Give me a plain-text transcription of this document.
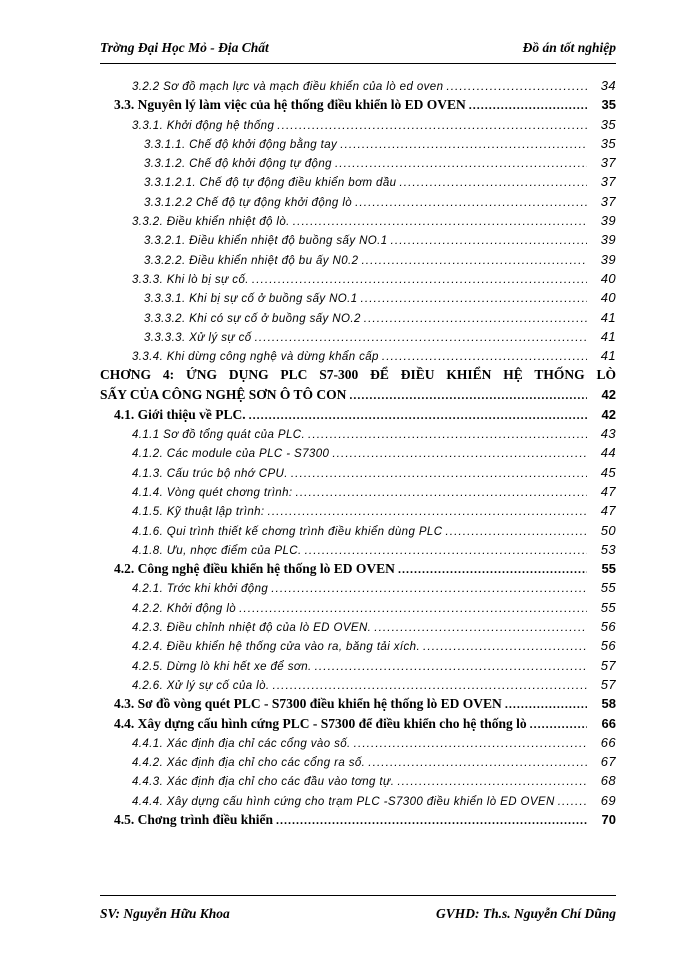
Trờng Đại Học Mỏ - Địa Chất	Đồ án tốt nghiệp
3.2.2 Sơ đồ mạch lực và mạch điều khiển của lò ed oven .....	34
3.3. Nguyên lý làm việc của hệ thống điều khiển lò ED OVEN .....	35
3.3.1. Khởi động hệ thống .....	35
3.3.1.1. Chế độ khởi động bằng tay .....	35
3.3.1.2. Chế độ khởi động tự động .....	37
3.3.1.2.1. Chế độ tự động điều khiển bơm dầu .....	37
3.3.1.2.2 Chế độ tự động khởi động lò .....	37
3.3.2. Điều khiển nhiệt độ lò. .....	39
3.3.2.1. Điều khiển nhiệt độ buồng sấy NO.1 .....	39
3.3.2.2. Điều khiển nhiệt độ bu ấy N0.2 .....	39
3.3.3. Khi lò bị sự cố. .....	40
3.3.3.1. Khi bị sự cố ở buồng sấy NO.1 .....	40
3.3.3.2. Khi có sự cố ở buồng sấy NO.2 .....	41
3.3.3.3. Xử lý sự cố .....	41
3.3.4. Khi dừng công nghệ và dừng khẩn cấp .....	41
CHƠNG 4: ỨNG DỤNG PLC S7-300 ĐỂ ĐIỀU KHIỂN HỆ THỐNG LÒ
SẤY CỦA CÔNG NGHỆ SƠN Ô TÔ CON .....	42
4.1. Giới thiệu về PLC. .....	42
4.1.1 Sơ đồ tổng quát của PLC. .....	43
4.1.2. Các module của PLC - S7300 .....	44
4.1.3. Cấu trúc bộ nhớ CPU. .....	45
4.1.4. Vòng quét chơng trình: .....	47
4.1.5. Kỹ thuật lập trình: .....	47
4.1.6. Qui trình thiết kế chơng trình điều khiển dùng PLC .....	50
4.1.8. Ưu, nhợc điểm của PLC. .....	53
4.2. Công nghệ điều khiển hệ thống lò ED OVEN .....	55
4.2.1. Trớc khi khởi động .....	55
4.2.2. Khởi động lò .....	55
4.2.3. Điều chỉnh nhiệt độ của lò ED OVEN. .....	56
4.2.4. Điều khiển hệ thống cửa vào ra, băng tải xích. .....	56
4.2.5. Dừng lò khi hết xe để sơn. .....	57
4.2.6. Xử lý sự cố của lò. .....	57
4.3. Sơ đồ vòng quét PLC - S7300 điều khiển hệ thống lò ED OVEN .....	58
4.4. Xây dựng cấu hình cứng PLC - S7300 để điều khiển cho hệ thống lò .....	66
4.4.1. Xác định địa chỉ các cổng vào số. .....	66
4.4.2. Xác định địa chỉ cho các cổng ra số. .....	67
4.4.3. Xác định địa chỉ cho các đầu vào tơng tự. .....	68
4.4.4. Xây dựng cấu hình cứng cho trạm PLC -S7300 điều khiển lò ED OVEN .....	69
4.5. Chơng trình điều khiển .....	70
SV: Nguyễn Hữu Khoa	GVHD: Th.s. Nguyễn Chí Dũng
